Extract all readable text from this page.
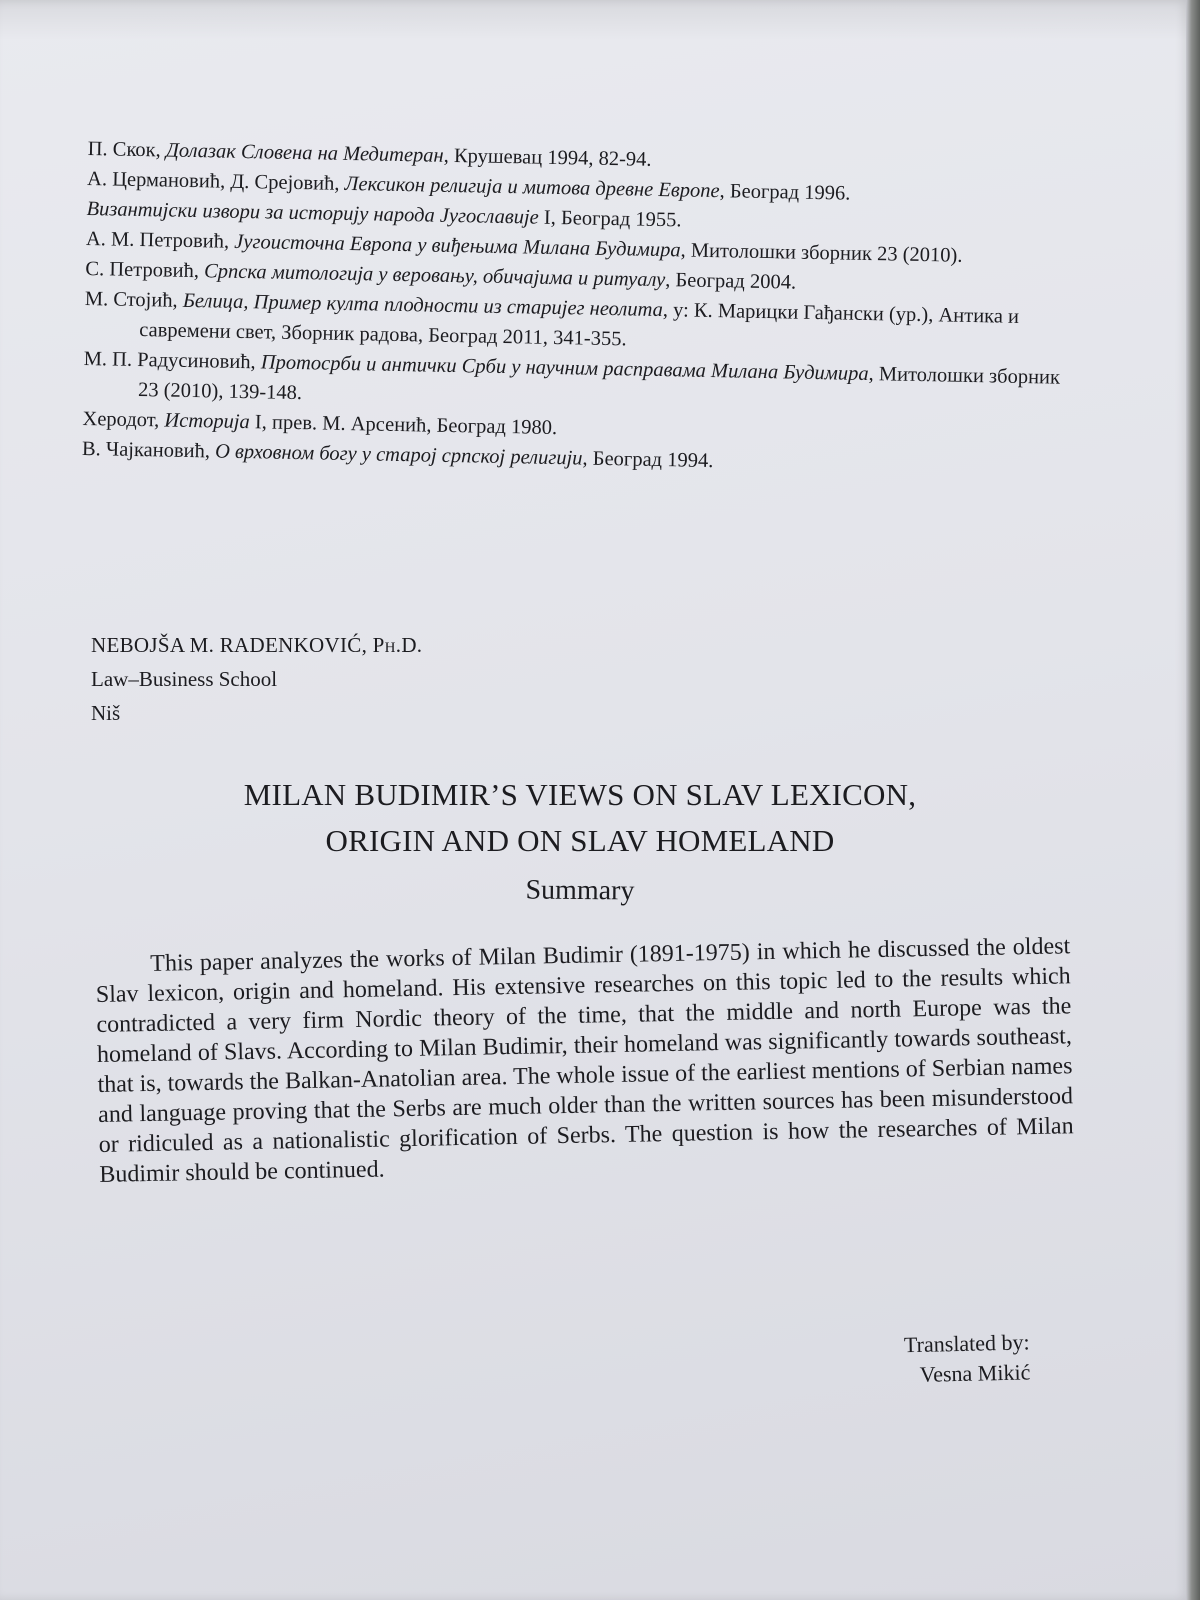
П. Скок, Долазак Словена на Медитеран, Крушевац 1994, 82-94.

А. Цермановић, Д. Срејовић, Лексикон религија и митова древне Европе, Београд 1996.

Византијски извори за историју народа Југославије I, Београд 1955.

А. М. Петровић, Југоисточна Европа у виђењима Милана Будимира, Митолошки зборник 23 (2010).

С. Петровић, Српска митологија у веровању, обичајима и ритуалу, Београд 2004.

М. Стојић, Белица, Пример култа плодности из старијег неолита, у: К. Марицки Гађански (ур.), Антика и савремени свет, Зборник радова, Београд 2011, 341-355.

М. П. Радусиновић, Протосрби и антички Срби у научним расправама Милана Будимира, Митолошки зборник 23 (2010), 139-148.

Херодот, Историја I, прев. М. Арсенић, Београд 1980.

В. Чајкановић, О врховном богу у старој српској религији, Београд 1994.

NEBOJŠA M. RADENKOVIĆ, Ph.D.
Law–Business School
Niš
MILAN BUDIMIR’S VIEWS ON SLAV LEXICON,
ORIGIN AND ON SLAV HOMELAND
Summary

This paper analyzes the works of Milan Budimir (1891-1975) in which he discussed the oldest Slav lexicon, origin and homeland. His extensive researches on this topic led to the results which contradicted a very firm Nordic theory of the time, that the middle and north Europe was the homeland of Slavs. According to Milan Budimir, their homeland was significantly towards southeast, that is, towards the Balkan-Anatolian area. The whole issue of the earliest mentions of Serbian names and language proving that the Serbs are much older than the written sources has been misunderstood or ridiculed as a nationalistic glorification of Serbs. The question is how the researches of Milan Budimir should be continued.

Translated by:
Vesna Mikić
